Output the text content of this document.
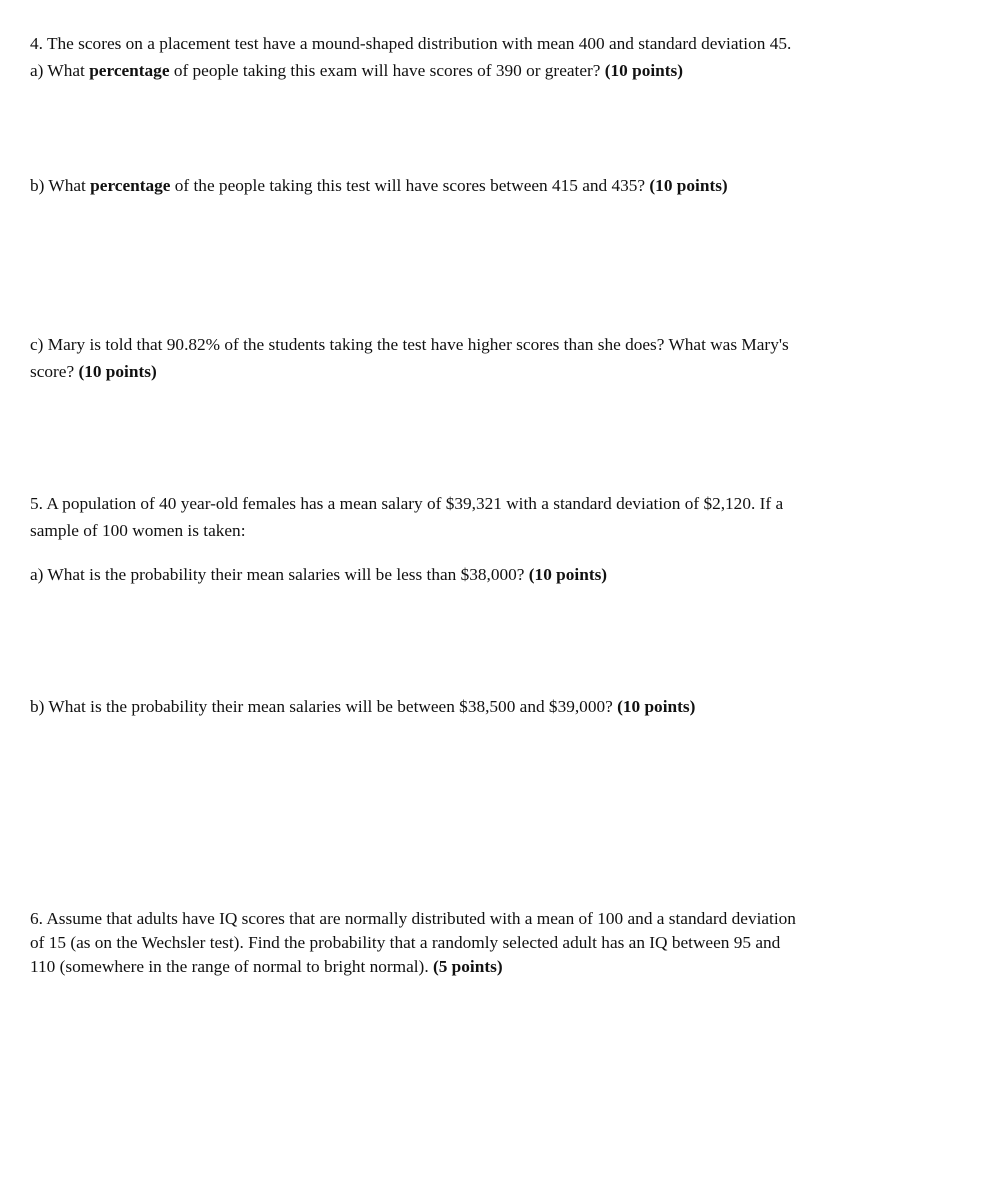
4. The scores on a placement test have a mound-shaped distribution with mean 400 and standard deviation 45.
a) What percentage of people taking this exam will have scores of 390 or greater? (10 points)

b) What percentage of the people taking this test will have scores between 415 and 435? (10 points)

c) Mary is told that 90.82% of the students taking the test have higher scores than she does? What was Mary's
score? (10 points)

5. A population of 40 year-old females has a mean salary of $39,321 with a standard deviation of $2,120. If a
sample of 100 women is taken:

a) What is the probability their mean salaries will be less than $38,000? (10 points)

b) What is the probability their mean salaries will be between $38,500 and $39,000? (10 points)

6. Assume that adults have IQ scores that are normally distributed with a mean of 100 and a standard deviation
of 15 (as on the Wechsler test). Find the probability that a randomly selected adult has an IQ between 95 and
110 (somewhere in the range of normal to bright normal). (5 points)
